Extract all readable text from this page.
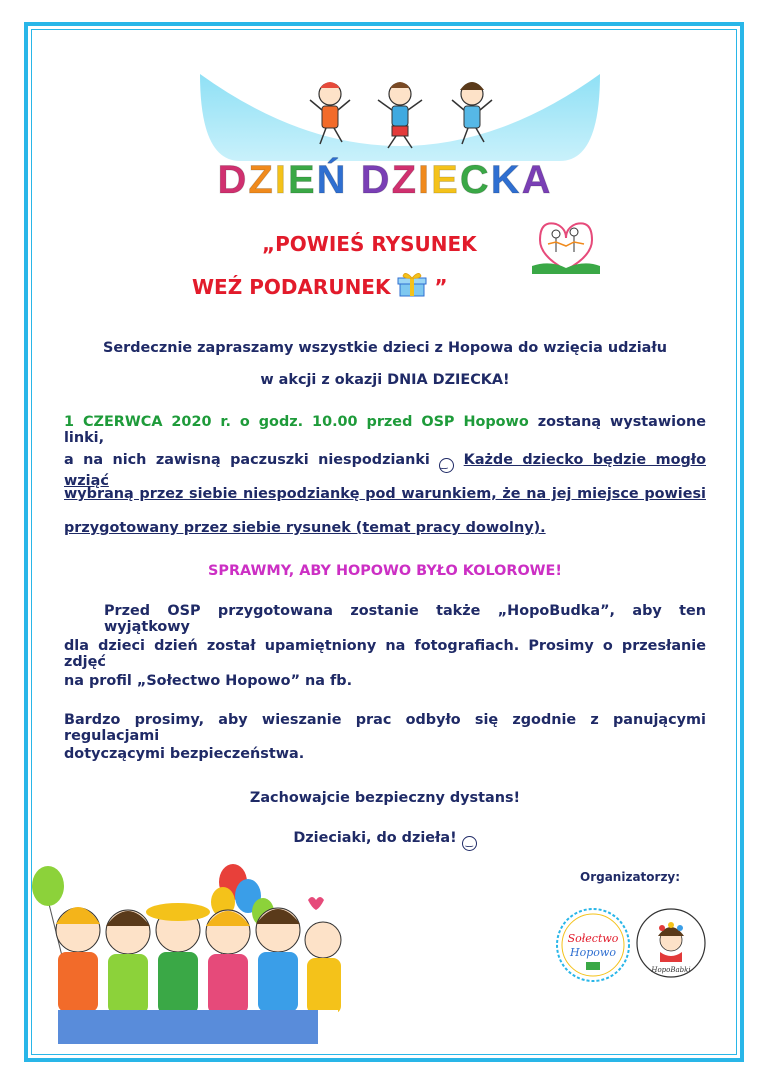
DZIEŃ DZIECKA
„POWIEŚ RYSUNEK
WEŹ PODARUNEK ”
Serdecznie zapraszamy wszystkie dzieci z Hopowa do wzięcia udziału
w akcji z okazji DNIA DZIECKA!
1 CZERWCA 2020 r. o godz. 10.00 przed OSP Hopowo zostaną wystawione linki,
a na nich zawisną paczuszki niespodzianki ‿ Każde dziecko będzie mogło wziąć
wybraną przez siebie niespodziankę pod warunkiem, że na jej miejsce powiesi
przygotowany przez siebie rysunek (temat pracy dowolny).
SPRAWMY, ABY HOPOWO BYŁO KOLOROWE!
Przed OSP przygotowana zostanie także „HopoBudka”, aby ten wyjątkowy
dla dzieci dzień został upamiętniony na fotografiach. Prosimy o przesłanie zdjęć
na profil „Sołectwo Hopowo” na fb.
Bardzo prosimy, aby wieszanie prac odbyło się zgodnie z panującymi regulacjami
dotyczącymi bezpieczeństwa.
Zachowajcie bezpieczny dystans!
Dzieciaki, do dzieła! ‿
Organizatorzy:
Sołectwo
Hopowo
HopoBabki
